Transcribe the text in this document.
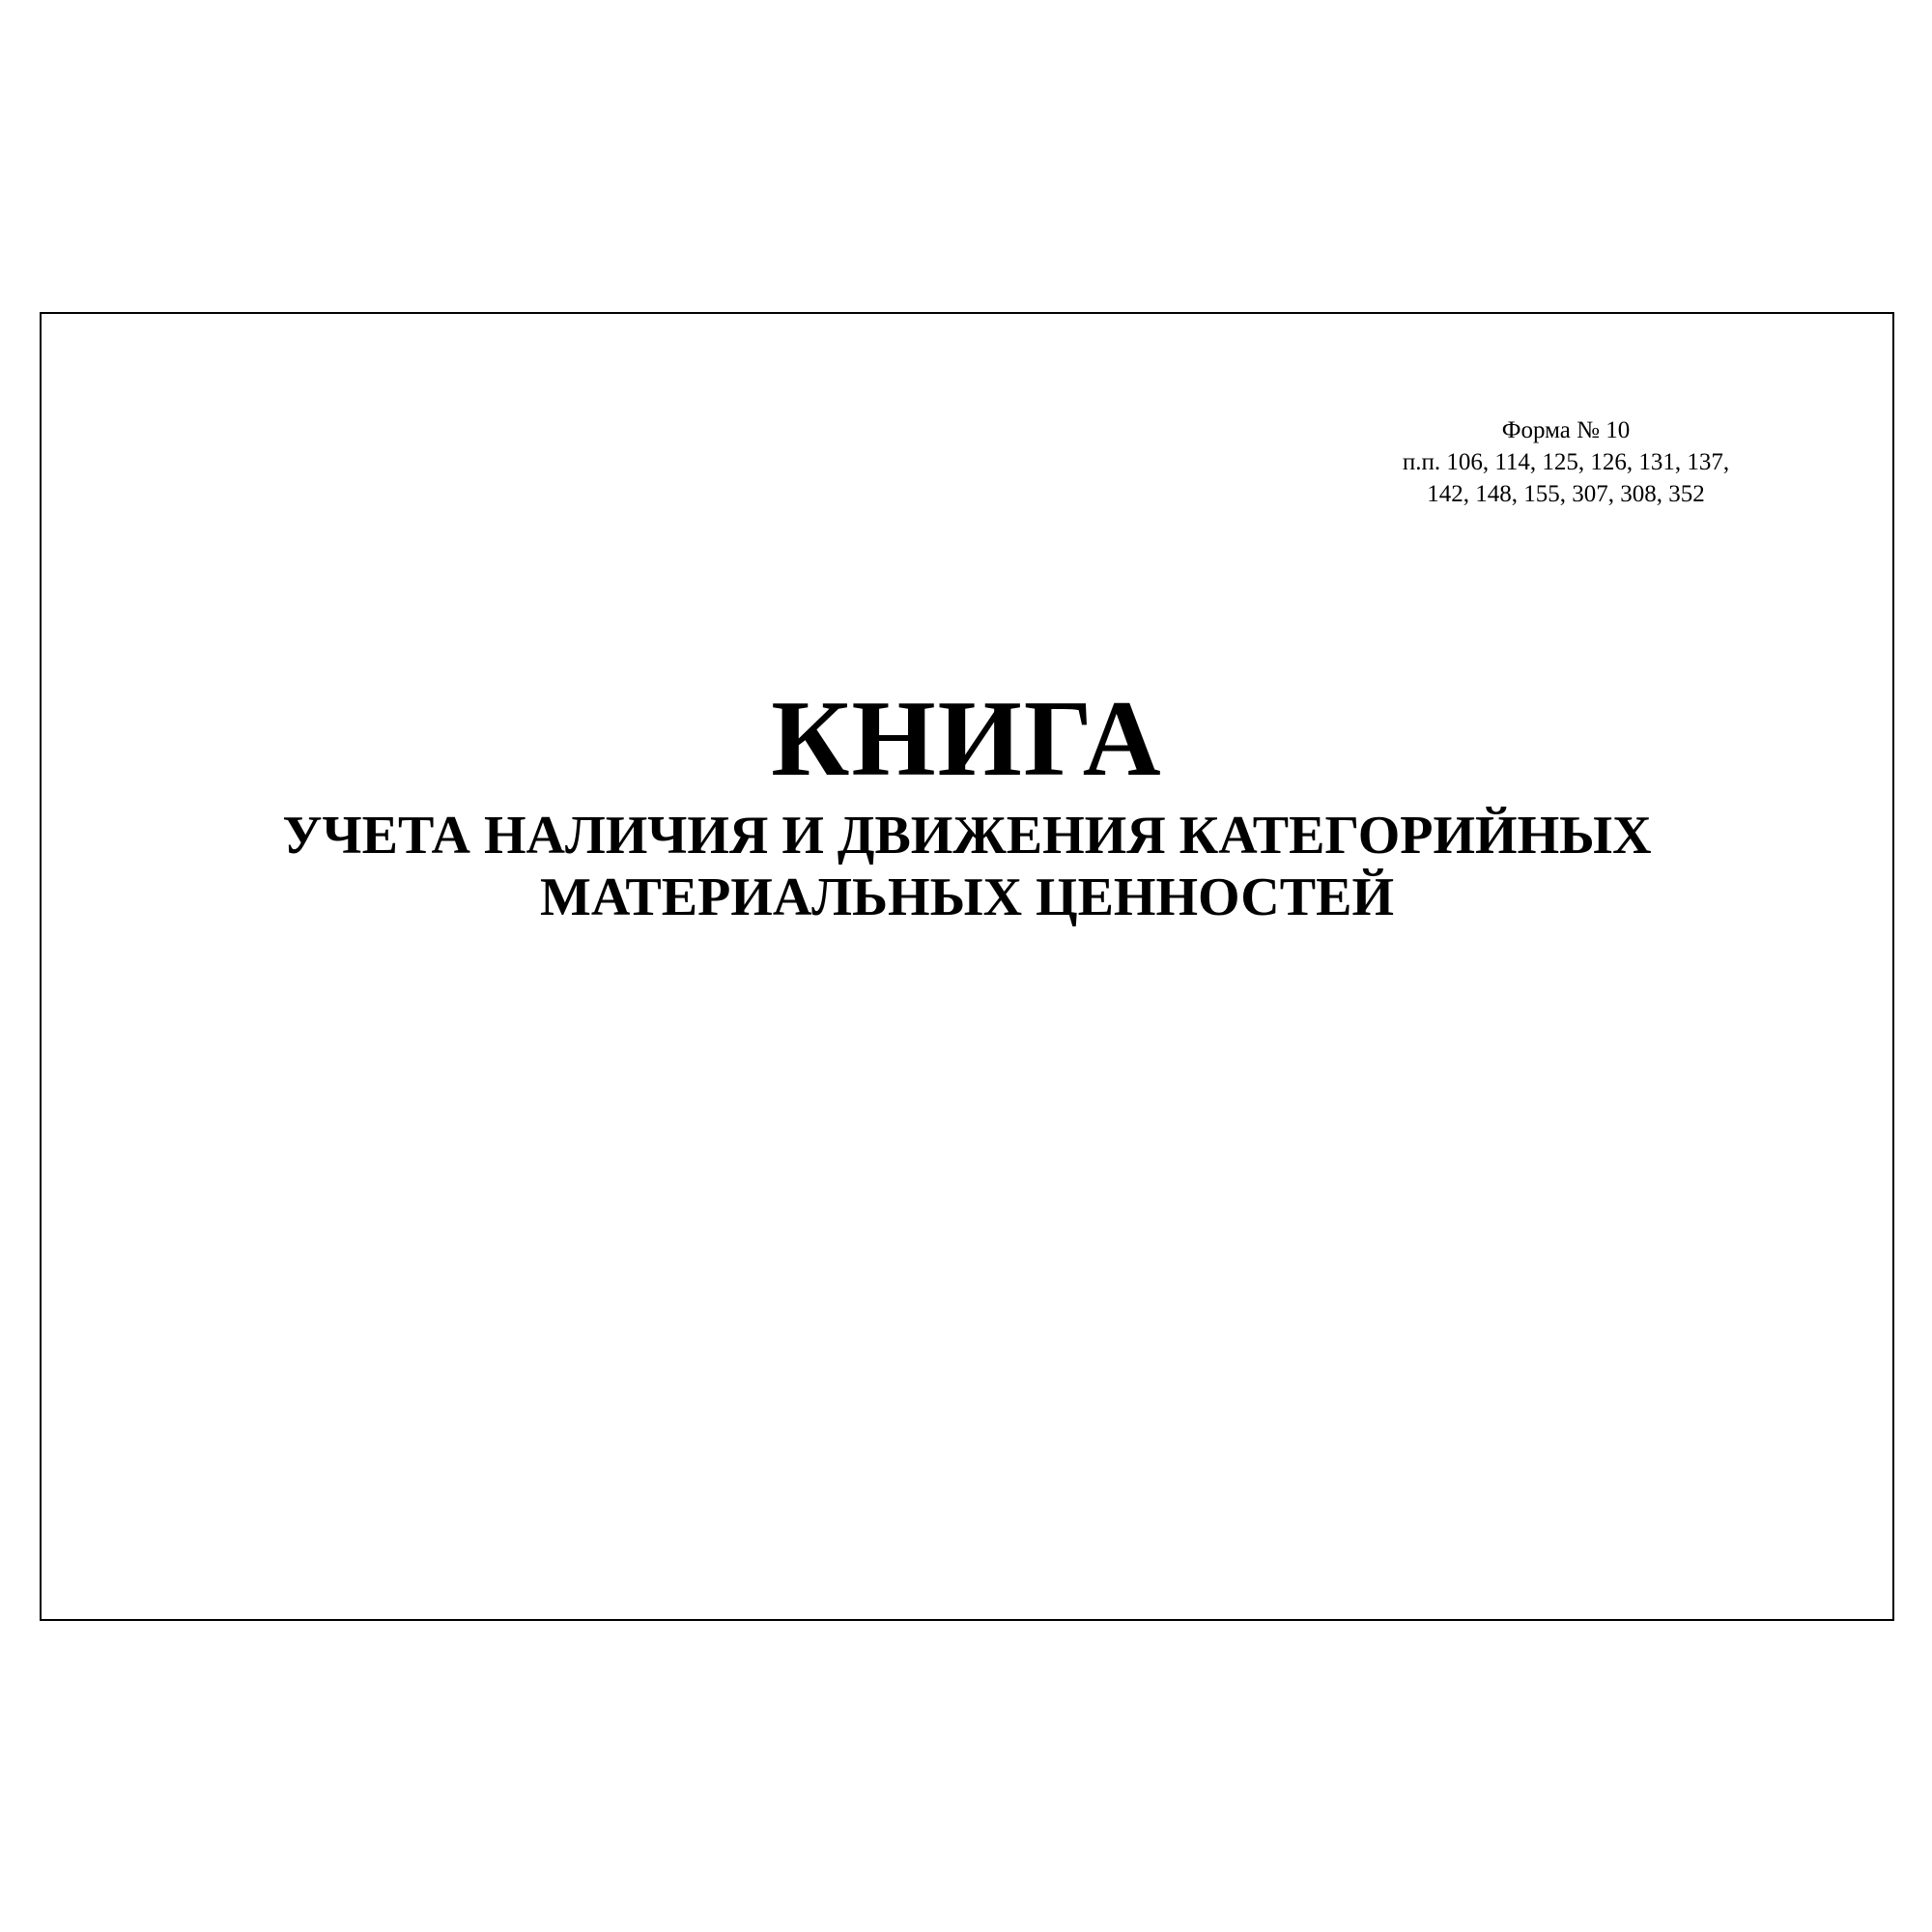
Форма № 10
п.п. 106, 114, 125, 126, 131, 137,
142, 148, 155, 307, 308, 352
КНИГА
УЧЕТА НАЛИЧИЯ И ДВИЖЕНИЯ КАТЕГОРИЙНЫХ
МАТЕРИАЛЬНЫХ ЦЕННОСТЕЙ
